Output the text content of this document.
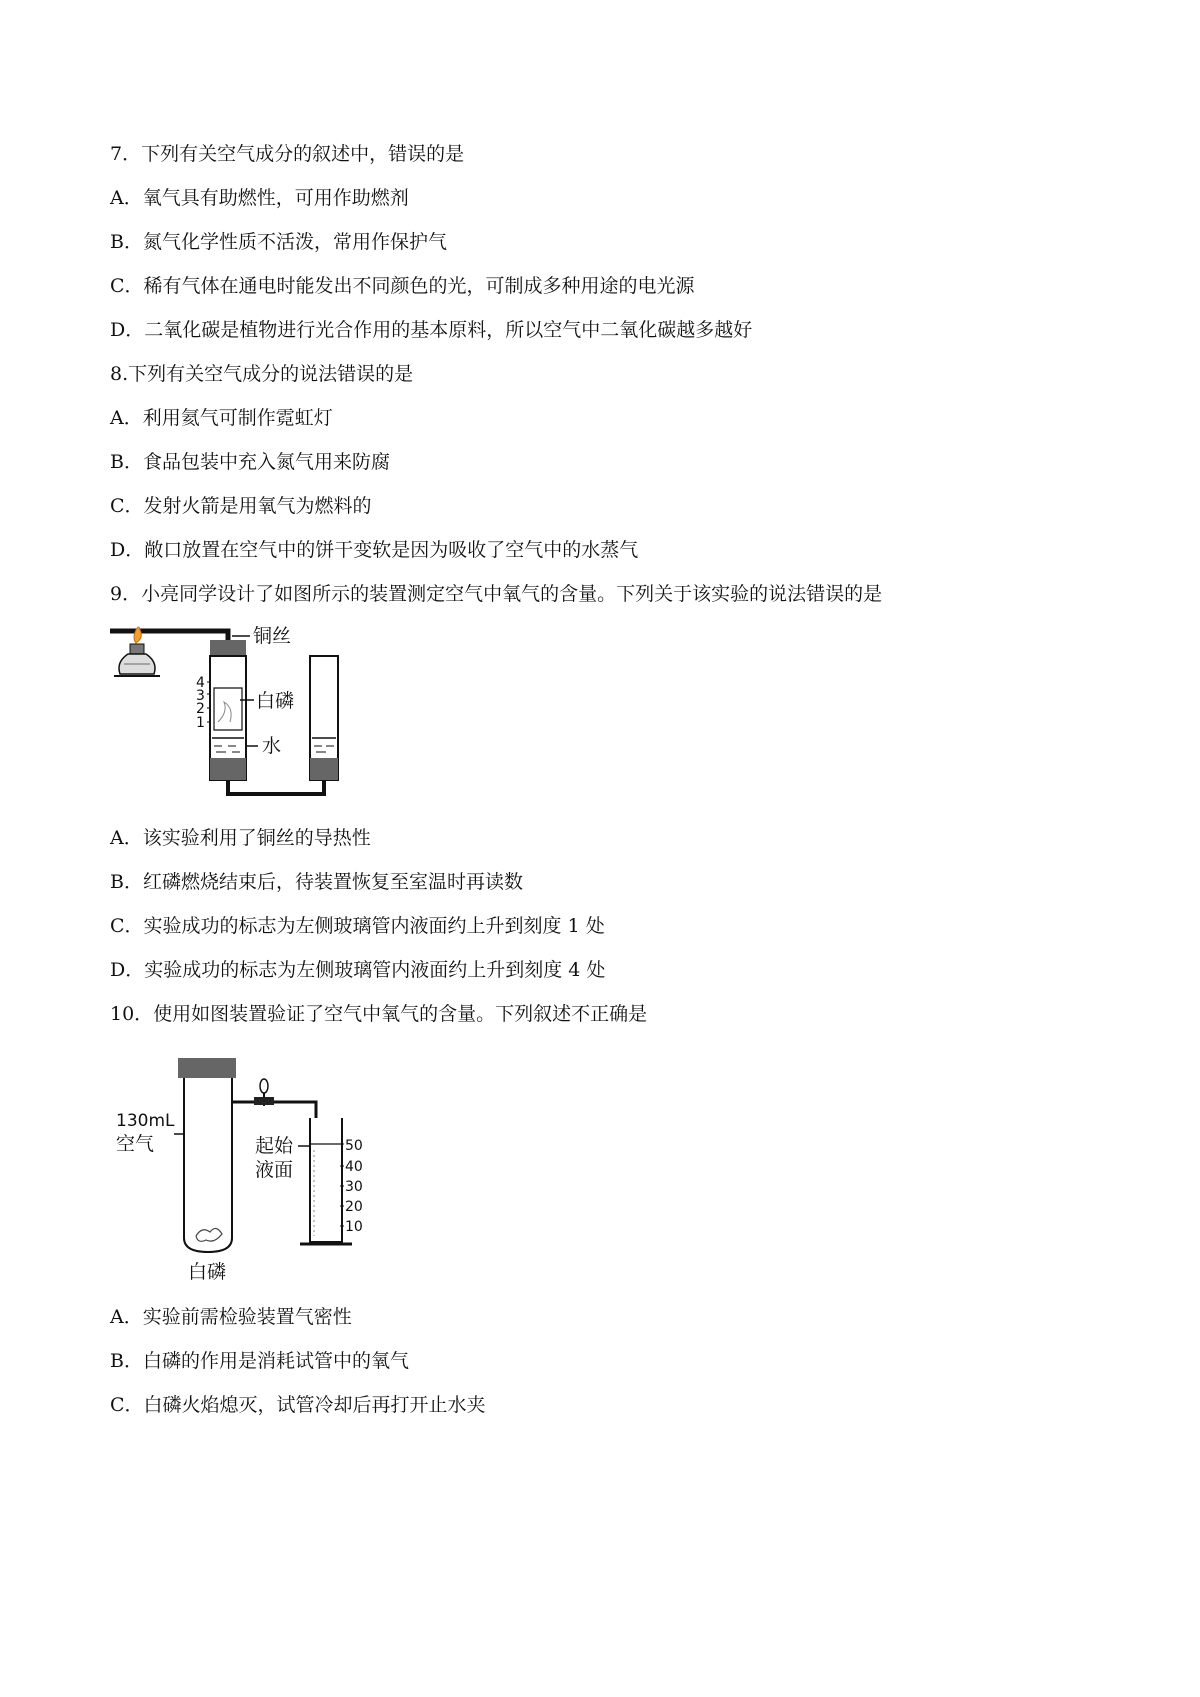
7．下列有关空气成分的叙述中，错误的是
A．氧气具有助燃性，可用作助燃剂
B．氮气化学性质不活泼，常用作保护气
C．稀有气体在通电时能发出不同颜色的光，可制成多种用途的电光源
D．二氧化碳是植物进行光合作用的基本原料，所以空气中二氧化碳越多越好
8.下列有关空气成分的说法错误的是
A．利用氦气可制作霓虹灯
B．食品包装中充入氮气用来防腐
C．发射火箭是用氧气为燃料的
D．敞口放置在空气中的饼干变软是因为吸收了空气中的水蒸气
9．小亮同学设计了如图所示的装置测定空气中氧气的含量。下列关于该实验的说法错误的是
铜丝
白磷
水
4
3
2
1
A．该实验利用了铜丝的导热性
B．红磷燃烧结束后，待装置恢复至室温时再读数
C．实验成功的标志为左侧玻璃管内液面约上升到刻度 1 处
D．实验成功的标志为左侧玻璃管内液面约上升到刻度 4 处
10．使用如图装置验证了空气中氧气的含量。下列叙述不正确是
130mL
空气	起始
液面
白磷
50
40
30
20
10
A．实验前需检验装置气密性
B．白磷的作用是消耗试管中的氧气
C．白磷火焰熄灭，试管冷却后再打开止水夹
